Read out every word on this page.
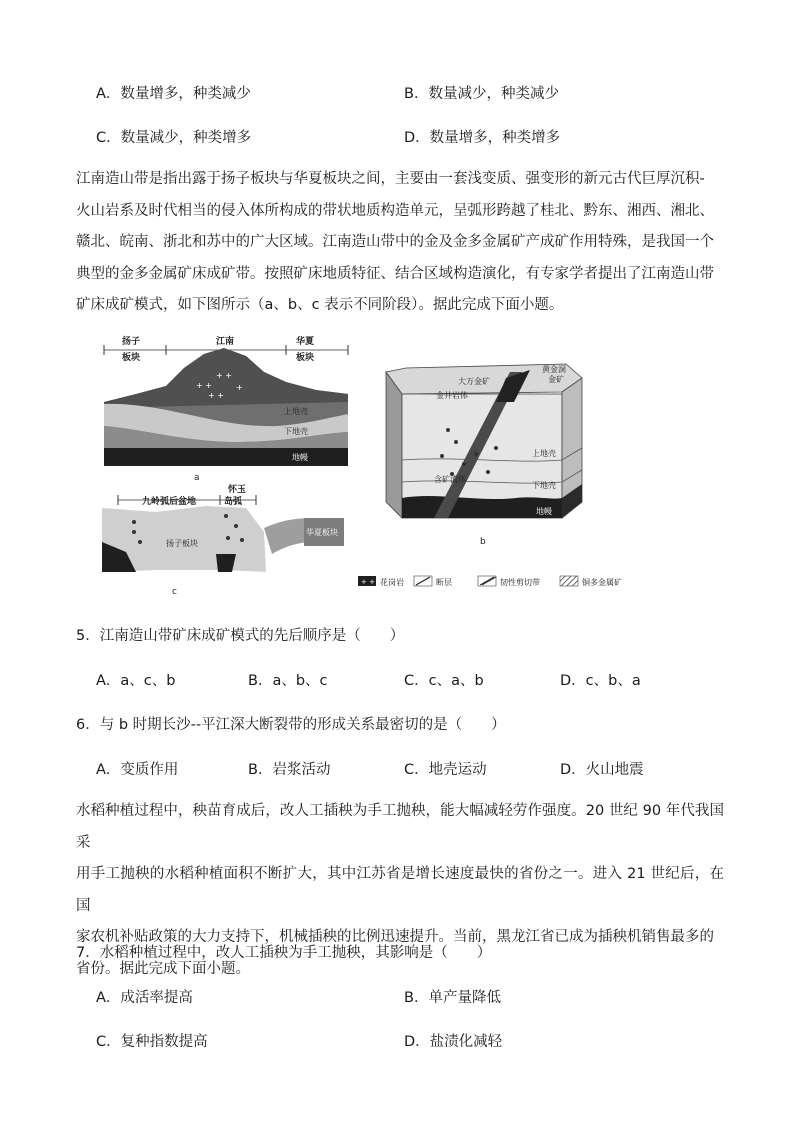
A．数量增多，种类减少	B．数量减少，种类减少
C．数量减少，种类增多	D．数量增多，种类增多
江南造山带是指出露于扬子板块与华夏板块之间，主要由一套浅变质、强变形的新元古代巨厚沉积-
火山岩系及时代相当的侵入体所构成的带状地质构造单元，呈弧形跨越了桂北、黔东、湘西、湘北、
赣北、皖南、浙北和苏中的广大区域。江南造山带中的金及金多金属矿产成矿作用特殊，是我国一个
典型的金多金属矿床成矿带。按照矿床地质特征、结合区域构造演化，有专家学者提出了江南造山带
矿床成矿模式，如下图所示（a、b、c 表示不同阶段）。据此完成下面小题。
扬子
板块
江南	华夏
板块
+ +
+ +
+ +
+
上地壳
下地壳
地幔
a
大万金矿
金井岩体
黄金洞
金矿
含矿流体
上地壳
下地壳
地幔
b
九岭弧后盆地
怀玉
岛弧
华夏板块
扬子板块
c
+ + 花岗岩	断层	韧性剪切带	铜多金属矿
5．江南造山带矿床成矿模式的先后顺序是（　　）
A．a、c、b	B．a、b、c	C．c、a、b	D．c、b、a
6．与 b 时期长沙--平江深大断裂带的形成关系最密切的是（　　）
A．变质作用	B．岩浆活动	C．地壳运动	D．火山地震
水稻种植过程中，秧苗育成后，改人工插秧为手工抛秧，能大幅减轻劳作强度。20 世纪 90 年代我国采
用手工抛秧的水稻种植面积不断扩大，其中江苏省是增长速度最快的省份之一。进入 21 世纪后，在国
家农机补贴政策的大力支持下，机械插秧的比例迅速提升。当前，黑龙江省已成为插秧机销售最多的
省份。据此完成下面小题。
7．水稻种植过程中，改人工插秧为手工抛秧，其影响是（　　）
A．成活率提高	B．单产量降低
C．复种指数提高	D．盐渍化减轻
